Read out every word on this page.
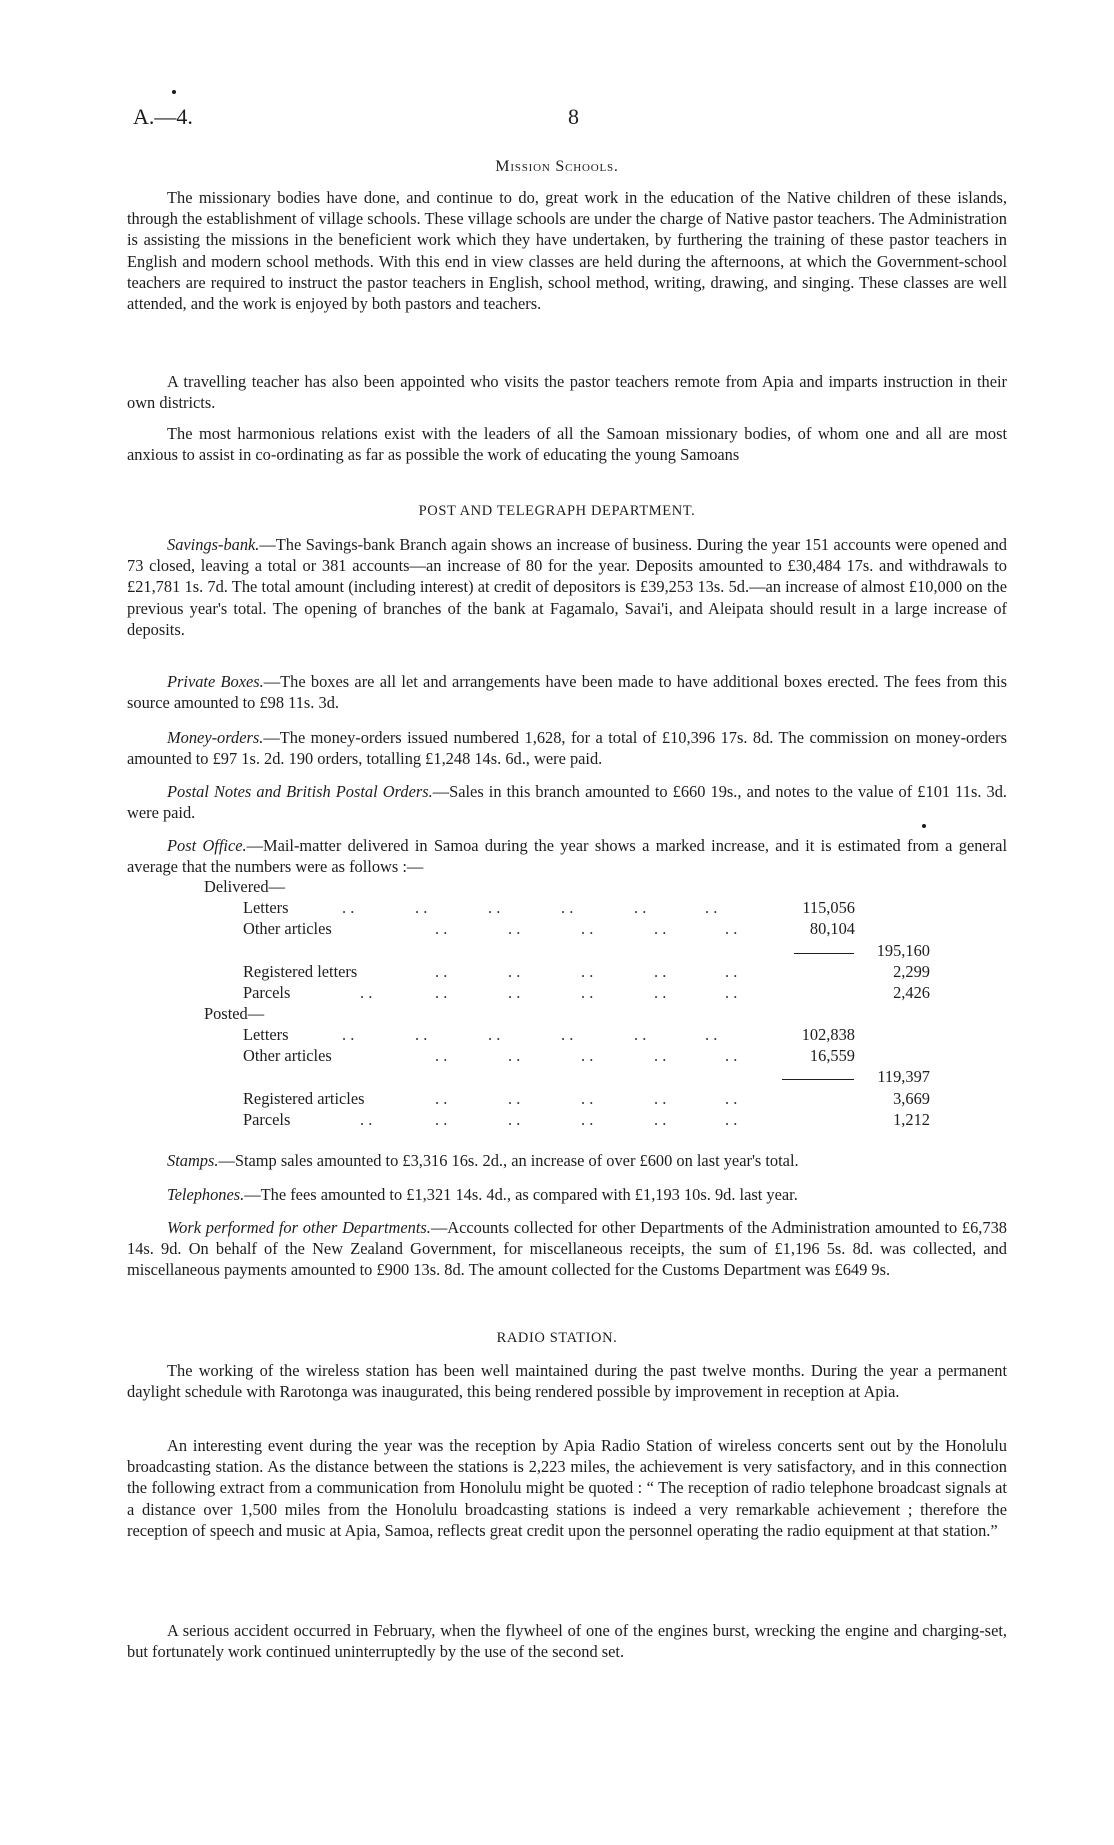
A.—4.	8
Mission Schools.

The missionary bodies have done, and continue to do, great work in the education of the Native children of these islands, through the establishment of village schools. These village schools are under the charge of Native pastor teachers. The Administration is assisting the missions in the beneficient work which they have undertaken, by furthering the training of these pastor teachers in English and modern school methods. With this end in view classes are held during the afternoons, at which the Government-school teachers are required to instruct the pastor teachers in English, school method, writing, drawing, and singing. These classes are well attended, and the work is enjoyed by both pastors and teachers.

A travelling teacher has also been appointed who visits the pastor teachers remote from Apia and imparts instruction in their own districts.

The most harmonious relations exist with the leaders of all the Samoan missionary bodies, of whom one and all are most anxious to assist in co-ordinating as far as possible the work of educating the young Samoans

POST AND TELEGRAPH DEPARTMENT.

Savings-bank.—The Savings-bank Branch again shows an increase of business. During the year 151 accounts were opened and 73 closed, leaving a total or 381 accounts—an increase of 80 for the year. Deposits amounted to £30,484 17s. and withdrawals to £21,781 1s. 7d. The total amount (including interest) at credit of depositors is £39,253 13s. 5d.—an increase of almost £10,000 on the previous year's total. The opening of branches of the bank at Fagamalo, Savai'i, and Aleipata should result in a large increase of deposits.

Private Boxes.—The boxes are all let and arrangements have been made to have additional boxes erected. The fees from this source amounted to £98 11s. 3d.

Money-orders.—The money-orders issued numbered 1,628, for a total of £10,396 17s. 8d. The commission on money-orders amounted to £97 1s. 2d. 190 orders, totalling £1,248 14s. 6d., were paid.

Postal Notes and British Postal Orders.—Sales in this branch amounted to £660 19s., and notes to the value of £101 11s. 3d. were paid.

Post Office.—Mail-matter delivered in Samoa during the year shows a marked increase, and it is estimated from a general average that the numbers were as follows :—

Delivered—
Letters	. .	. .	. .	. .	. .	. .	115,056
Other articles	. .	. .	. .	. .	. .	80,104
195,160
Registered letters	. .	. .	. .	. .	. .	2,299
Parcels	. .	. .	. .	. .	. .	. .	2,426
Posted—
Letters	. .	. .	. .	. .	. .	. .	102,838
Other articles	. .	. .	. .	. .	. .	16,559
119,397
Registered articles	. .	. .	. .	. .	. .	3,669
Parcels	. .	. .	. .	. .	. .	. .	1,212

Stamps.—Stamp sales amounted to £3,316 16s. 2d., an increase of over £600 on last year's total.

Telephones.—The fees amounted to £1,321 14s. 4d., as compared with £1,193 10s. 9d. last year.

Work performed for other Departments.—Accounts collected for other Departments of the Administration amounted to £6,738 14s. 9d. On behalf of the New Zealand Government, for miscellaneous receipts, the sum of £1,196 5s. 8d. was collected, and miscellaneous payments amounted to £900 13s. 8d. The amount collected for the Customs Department was £649 9s.

RADIO STATION.

The working of the wireless station has been well maintained during the past twelve months. During the year a permanent daylight schedule with Rarotonga was inaugurated, this being rendered possible by improvement in reception at Apia.

An interesting event during the year was the reception by Apia Radio Station of wireless concerts sent out by the Honolulu broadcasting station. As the distance between the stations is 2,223 miles, the achievement is very satisfactory, and in this connection the following extract from a communication from Honolulu might be quoted : “ The reception of radio telephone broadcast signals at a distance over 1,500 miles from the Honolulu broadcasting stations is indeed a very remarkable achievement ; therefore the reception of speech and music at Apia, Samoa, reflects great credit upon the personnel operating the radio equipment at that station.”

A serious accident occurred in February, when the flywheel of one of the engines burst, wrecking the engine and charging-set, but fortunately work continued uninterruptedly by the use of the second set.
